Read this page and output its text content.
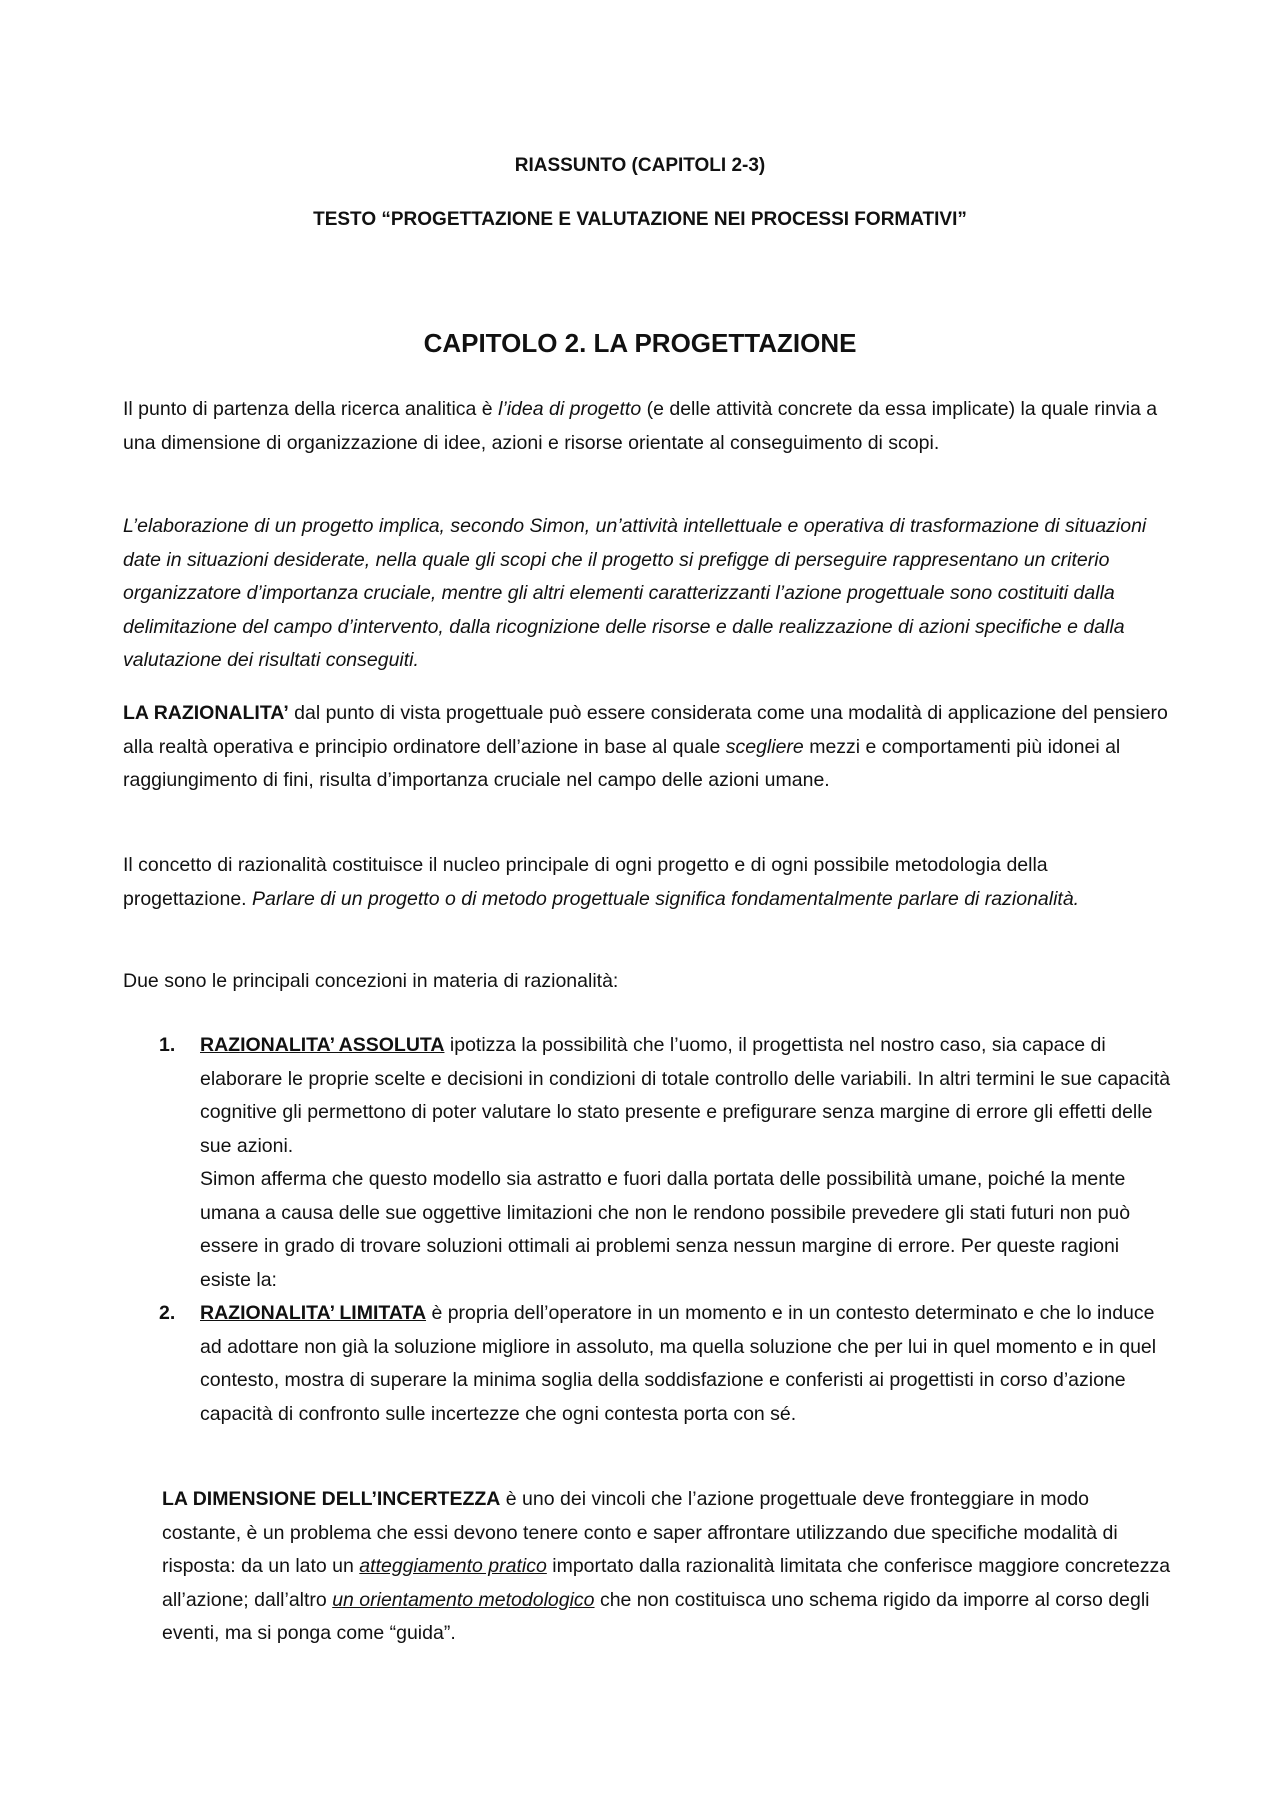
RIASSUNTO (CAPITOLI 2-3)
TESTO “PROGETTAZIONE E VALUTAZIONE NEI PROCESSI FORMATIVI”
CAPITOLO 2. LA PROGETTAZIONE
Il punto di partenza della ricerca analitica è l’idea di progetto (e delle attività concrete da essa implicate) la quale rinvia a una dimensione di organizzazione di idee, azioni e risorse orientate al conseguimento di scopi.
L’elaborazione di un progetto implica, secondo Simon, un’attività intellettuale e operativa di trasformazione di situazioni date in situazioni desiderate, nella quale gli scopi che il progetto si prefigge di perseguire rappresentano un criterio organizzatore d’importanza cruciale, mentre gli altri elementi caratterizzanti l’azione progettuale sono costituiti dalla delimitazione del campo d’intervento, dalla ricognizione delle risorse e dalle realizzazione di azioni specifiche e dalla valutazione dei risultati conseguiti.
LA RAZIONALITA’ dal punto di vista progettuale può essere considerata come una modalità di applicazione del pensiero alla realtà operativa e principio ordinatore dell’azione in base al quale scegliere mezzi e comportamenti più idonei al raggiungimento di fini, risulta d’importanza cruciale nel campo delle azioni umane.
Il concetto di razionalità costituisce il nucleo principale di ogni progetto e di ogni possibile metodologia della progettazione. Parlare di un progetto o di metodo progettuale significa fondamentalmente parlare di razionalità.
Due sono le principali concezioni in materia di razionalità:
1. RAZIONALITA’ ASSOLUTA ipotizza la possibilità che l’uomo, il progettista nel nostro caso, sia capace di elaborare le proprie scelte e decisioni in condizioni di totale controllo delle variabili. In altri termini le sue capacità cognitive gli permettono di poter valutare lo stato presente e prefigurare senza margine di errore gli effetti delle sue azioni.
Simon afferma che questo modello sia astratto e fuori dalla portata delle possibilità umane, poiché la mente umana a causa delle sue oggettive limitazioni che non le rendono possibile prevedere gli stati futuri non può essere in grado di trovare soluzioni ottimali ai problemi senza nessun margine di errore. Per queste ragioni esiste la:
2. RAZIONALITA’ LIMITATA è propria dell’operatore in un momento e in un contesto determinato e che lo induce ad adottare non già la soluzione migliore in assoluto, ma quella soluzione che per lui in quel momento e in quel contesto, mostra di superare la minima soglia della soddisfazione e conferisti ai progettisti in corso d’azione capacità di confronto sulle incertezze che ogni contesta porta con sé.
LA DIMENSIONE DELL’INCERTEZZA è uno dei vincoli che l’azione progettuale deve fronteggiare in modo costante, è un problema che essi devono tenere conto e saper affrontare utilizzando due specifiche modalità di risposta: da un lato un atteggiamento pratico importato dalla razionalità limitata che conferisce maggiore concretezza all’azione; dall’altro un orientamento metodologico che non costituisca uno schema rigido da imporre al corso degli eventi, ma si ponga come “guida”.
